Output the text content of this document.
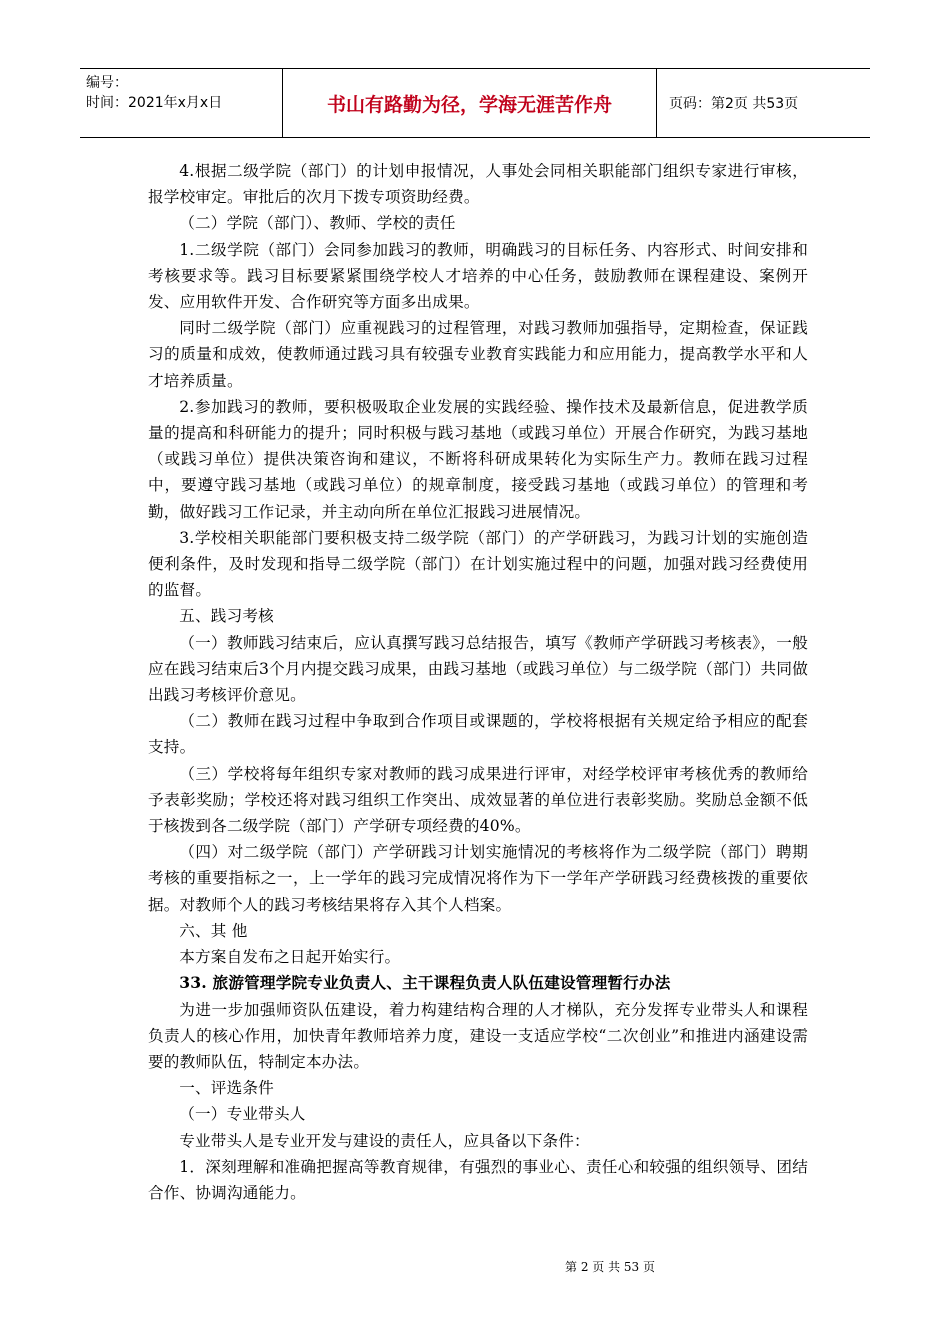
编号：
时间：2021年x月x日	书山有路勤为径，学海无涯苦作舟	页码：第2页 共53页

4.根据二级学院（部门）的计划申报情况，人事处会同相关职能部门组织专家进行审核，报学校审定。审批后的次月下拨专项资助经费。

（二）学院（部门）、教师、学校的责任

1.二级学院（部门）会同参加践习的教师，明确践习的目标任务、内容形式、时间安排和考核要求等。践习目标要紧紧围绕学校人才培养的中心任务，鼓励教师在课程建设、案例开发、应用软件开发、合作研究等方面多出成果。

同时二级学院（部门）应重视践习的过程管理，对践习教师加强指导，定期检查，保证践习的质量和成效，使教师通过践习具有较强专业教育实践能力和应用能力，提高教学水平和人才培养质量。

2.参加践习的教师，要积极吸取企业发展的实践经验、操作技术及最新信息，促进教学质量的提高和科研能力的提升；同时积极与践习基地（或践习单位）开展合作研究，为践习基地（或践习单位）提供决策咨询和建议，不断将科研成果转化为实际生产力。教师在践习过程中，要遵守践习基地（或践习单位）的规章制度，接受践习基地（或践习单位）的管理和考勤，做好践习工作记录，并主动向所在单位汇报践习进展情况。

3.学校相关职能部门要积极支持二级学院（部门）的产学研践习，为践习计划的实施创造便利条件，及时发现和指导二级学院（部门）在计划实施过程中的问题，加强对践习经费使用的监督。

五、践习考核

（一）教师践习结束后，应认真撰写践习总结报告，填写《教师产学研践习考核表》，一般应在践习结束后3个月内提交践习成果，由践习基地（或践习单位）与二级学院（部门）共同做出践习考核评价意见。

（二）教师在践习过程中争取到合作项目或课题的，学校将根据有关规定给予相应的配套支持。

（三）学校将每年组织专家对教师的践习成果进行评审，对经学校评审考核优秀的教师给予表彰奖励；学校还将对践习组织工作突出、成效显著的单位进行表彰奖励。奖励总金额不低于核拨到各二级学院（部门）产学研专项经费的40%。

（四）对二级学院（部门）产学研践习计划实施情况的考核将作为二级学院（部门）聘期考核的重要指标之一，上一学年的践习完成情况将作为下一学年产学研践习经费核拨的重要依据。对教师个人的践习考核结果将存入其个人档案。

六、其 他

本方案自发布之日起开始实行。

33. 旅游管理学院专业负责人、主干课程负责人队伍建设管理暂行办法

为进一步加强师资队伍建设，着力构建结构合理的人才梯队，充分发挥专业带头人和课程负责人的核心作用，加快青年教师培养力度，建设一支适应学校“二次创业”和推进内涵建设需要的教师队伍，特制定本办法。

一、评选条件

（一）专业带头人

专业带头人是专业开发与建设的责任人，应具备以下条件：

1．深刻理解和准确把握高等教育规律，有强烈的事业心、责任心和较强的组织领导、团结合作、协调沟通能力。

第 2 页 共 53 页
